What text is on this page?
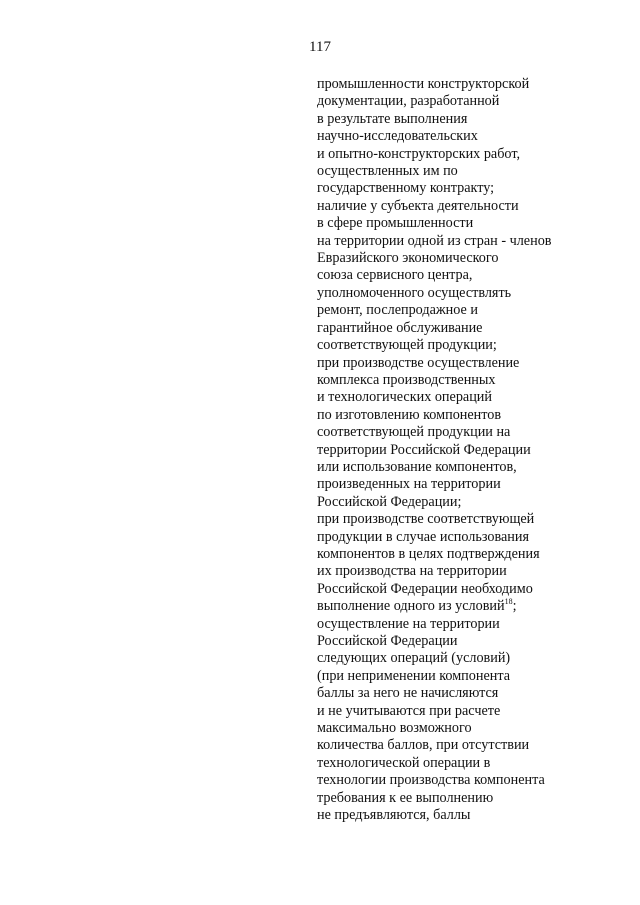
117
промышленности конструкторской
документации, разработанной
в результате выполнения
научно-исследовательских
и опытно-конструкторских работ,
осуществленных им по
государственному контракту;
наличие у субъекта деятельности
в сфере промышленности
на территории одной из стран - членов
Евразийского экономического
союза сервисного центра,
уполномоченного осуществлять
ремонт, послепродажное и
гарантийное обслуживание
соответствующей продукции;
при производстве осуществление
комплекса производственных
и технологических операций
по изготовлению компонентов
соответствующей продукции на
территории Российской Федерации
или использование компонентов,
произведенных на территории
Российской Федерации;
при производстве соответствующей
продукции в случае использования
компонентов в целях подтверждения
их производства на территории
Российской Федерации необходимо
выполнение одного из условий$^{18}$;
осуществление на территории
Российской Федерации
следующих операций (условий)
(при неприменении компонента
баллы за него не начисляются
и не учитываются при расчете
максимально возможного
количества баллов, при отсутствии
технологической операции в
технологии производства компонента
требования к ее выполнению
не предъявляются, баллы
